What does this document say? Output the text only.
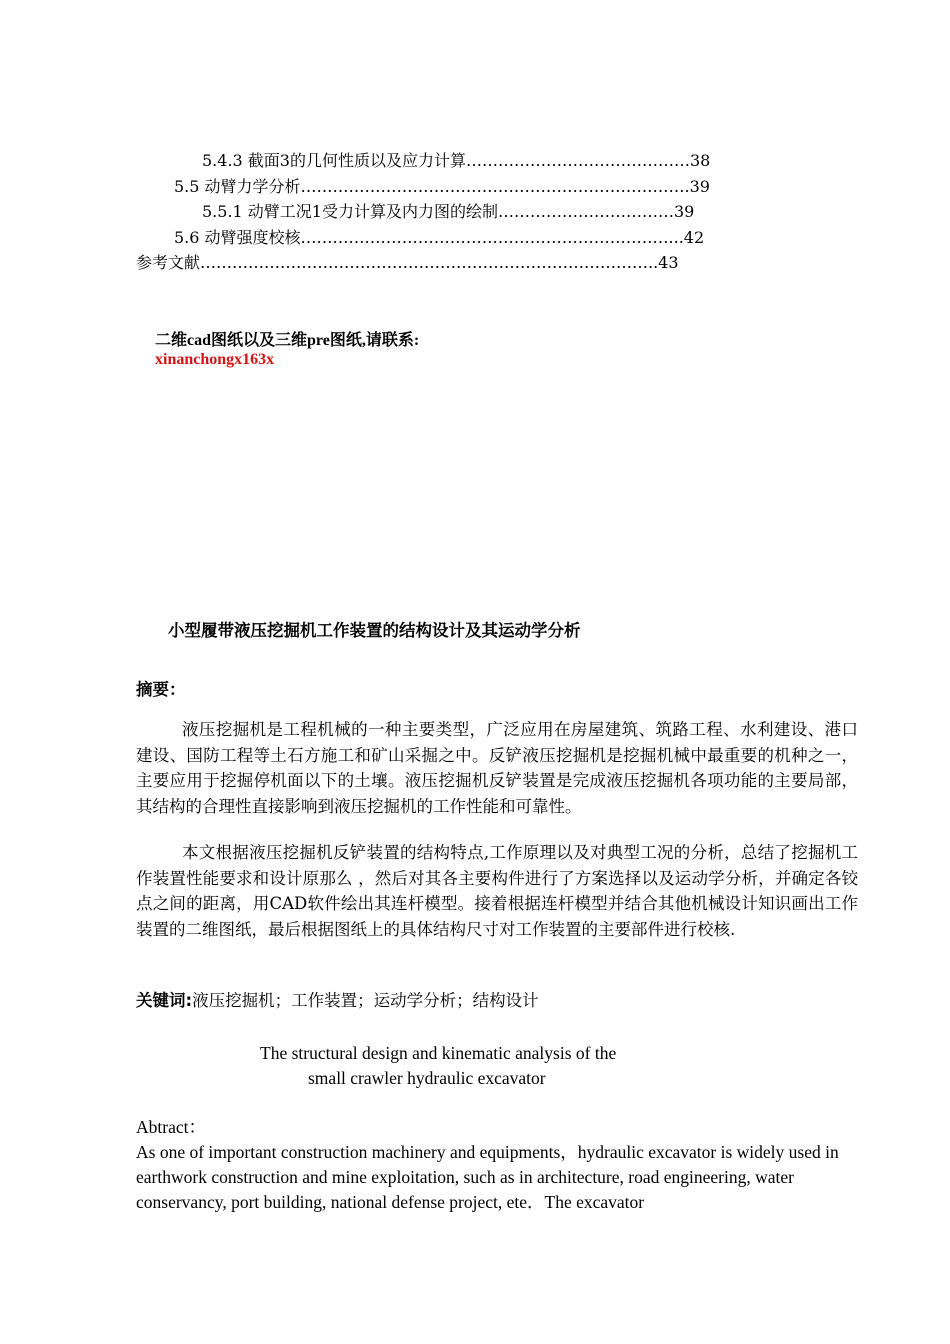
5.4.3 截面3的几何性质以及应力计算……………………………………38
5.5 动臂力学分析……………………………………………………………….39
5.5.1 动臂工况1受力计算及内力图的绘制……………………………39
5.6 动臂强度校核……………………………………………………………...42
参考文献…………………………………………………………………………..43
二维cad图纸以及三维pre图纸,请联系:
xinanchongx163x
小型履带液压挖掘机工作装置的结构设计及其运动学分析
摘要：
液压挖掘机是工程机械的一种主要类型，广泛应用在房屋建筑、筑路工程、水利建设、港口建设、国防工程等土石方施工和矿山采掘之中。反铲液压挖掘机是挖掘机械中最重要的机种之一，主要应用于挖掘停机面以下的土壤。液压挖掘机反铲装置是完成液压挖掘机各项功能的主要局部，其结构的合理性直接影响到液压挖掘机的工作性能和可靠性。
本文根据液压挖掘机反铲装置的结构特点,工作原理以及对典型工况的分析，总结了挖掘机工作装置性能要求和设计原那么 ，然后对其各主要构件进行了方案选择以及运动学分析，并确定各铰点之间的距离，用CAD软件绘出其连杆模型。接着根据连杆模型并结合其他机械设计知识画出工作装置的二维图纸，最后根据图纸上的具体结构尺寸对工作装置的主要部件进行校核.
关键词:液压挖掘机；工作装置；运动学分析；结构设计
The structural design and kinematic analysis of the
small crawler hydraulic excavator
Abtract：
As one of important construction machinery and equipments，hydraulic excavator is widely used in earthwork construction and mine exploitation, such as in architecture, road engineering, water conservancy, port building, national defense project, ete．The excavator
